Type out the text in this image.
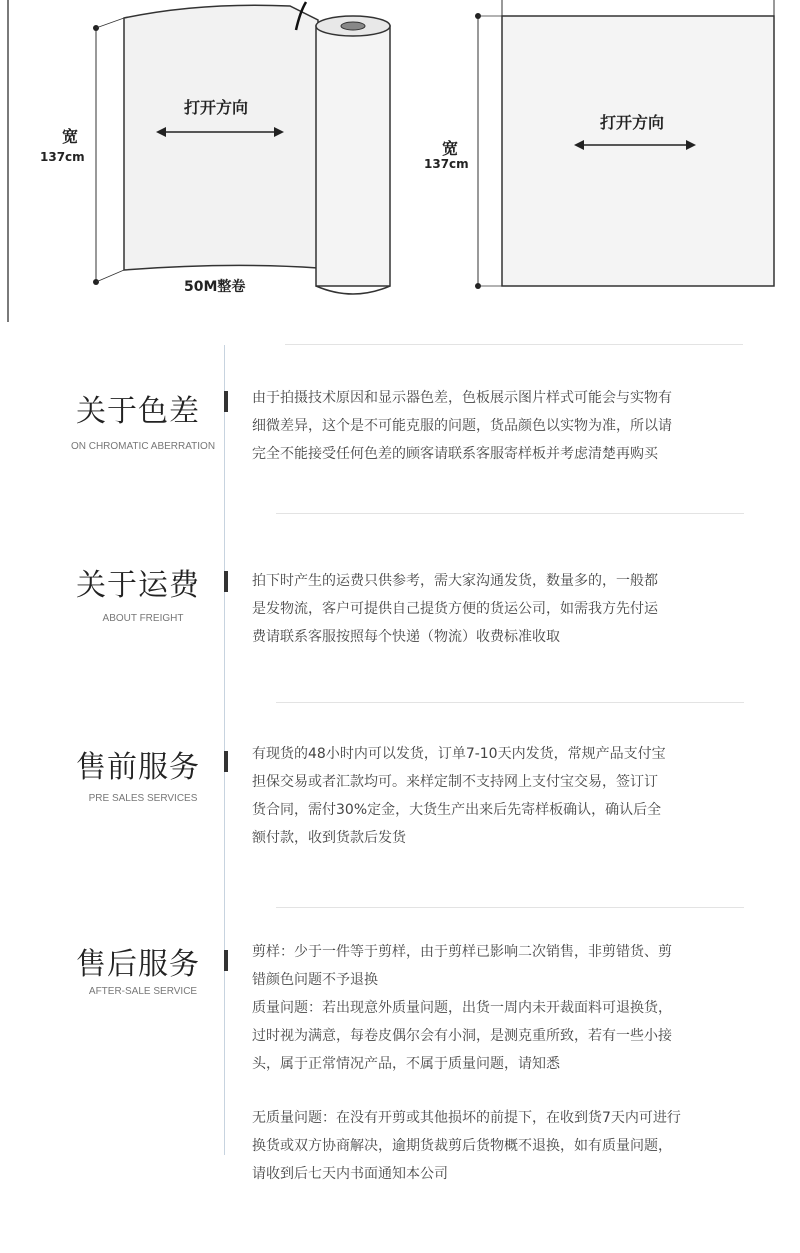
宽
137cm
打开方向
50M整卷
宽
137cm
打开方向
关于色差
ON CHROMATIC ABERRATION

由于拍摄技术原因和显示器色差，色板展示图片样式可能会与实物有

细微差异，这个是不可能克服的问题，货品颜色以实物为准，所以请

完全不能接受任何色差的顾客请联系客服寄样板并考虑清楚再购买

关于运费
ABOUT FREIGHT

拍下时产生的运费只供参考，需大家沟通发货，数量多的，一般都

是发物流，客户可提供自己提货方便的货运公司，如需我方先付运

费请联系客服按照每个快递（物流）收费标准收取

售前服务
PRE SALES SERVICES

有现货的48小时内可以发货，订单7-10天内发货，常规产品支付宝

担保交易或者汇款均可。来样定制不支持网上支付宝交易，签订订

货合同，需付30%定金，大货生产出来后先寄样板确认，确认后全

额付款，收到货款后发货

售后服务
AFTER-SALE SERVICE

剪样：少于一件等于剪样，由于剪样已影响二次销售，非剪错货、剪

错颜色问题不予退换

质量问题：若出现意外质量问题，出货一周内未开裁面料可退换货，

过时视为满意，每卷皮偶尔会有小洞，是测克重所致，若有一些小接

头，属于正常情况产品，不属于质量问题，请知悉

无质量问题：在没有开剪或其他损坏的前提下，在收到货7天内可进行

换货或双方协商解决，逾期货裁剪后货物概不退换，如有质量问题，

请收到后七天内书面通知本公司
